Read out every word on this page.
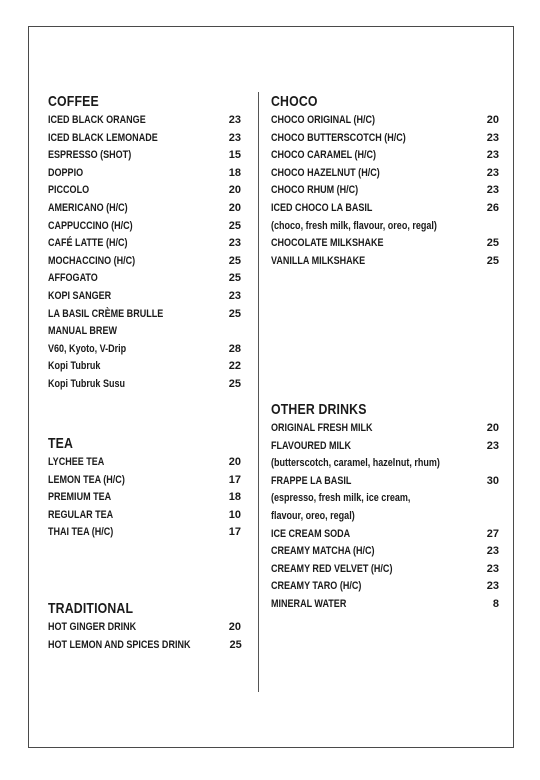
COFFEE
ICED BLACK ORANGE	23
ICED BLACK LEMONADE	23
ESPRESSO (SHOT)	15
DOPPIO	18
PICCOLO	20
AMERICANO (H/C)	20
CAPPUCCINO (H/C)	25
CAFÉ LATTE (H/C)	23
MOCHACCINO (H/C)	25
AFFOGATO	25
KOPI SANGER	23
LA BASIL CRÈME BRULLE	25
MANUAL BREW
V60, Kyoto, V-Drip	28
Kopi Tubruk	22
Kopi Tubruk Susu	25
TEA
LYCHEE TEA	20
LEMON TEA (H/C)	17
PREMIUM TEA	18
REGULAR TEA	10
THAI TEA (H/C)	17
TRADITIONAL
HOT GINGER DRINK	20
HOT LEMON AND SPICES DRINK	25
CHOCO
CHOCO ORIGINAL (H/C)	20
CHOCO BUTTERSCOTCH (H/C)	23
CHOCO CARAMEL (H/C)	23
CHOCO HAZELNUT (H/C)	23
CHOCO RHUM (H/C)	23
ICED CHOCO LA BASIL	26
(choco, fresh milk, flavour, oreo, regal)
CHOCOLATE MILKSHAKE	25
VANILLA MILKSHAKE	25
OTHER DRINKS
ORIGINAL FRESH MILK	20
FLAVOURED MILK	23
(butterscotch, caramel, hazelnut, rhum)
FRAPPE LA BASIL	30
(espresso, fresh milk, ice cream,
flavour, oreo, regal)
ICE CREAM SODA	27
CREAMY MATCHA (H/C)	23
CREAMY RED VELVET (H/C)	23
CREAMY TARO (H/C)	23
MINERAL WATER	8
